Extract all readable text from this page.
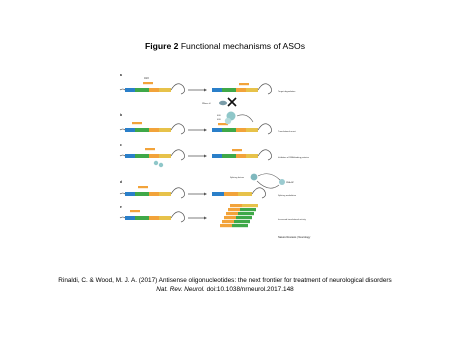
Figure 2 Functional mechanisms of ASOs
a
ASO
RNase H
Target degradation
b	60S
40S
Translational arrest
c
Inhibition of RNA-binding proteins
Splicing factors
RNA-BP
d
Splicing modulation
e
Increased translational activity
Nature Reviews | Neurology
Rinaldi, C. & Wood, M. J. A. (2017) Antisense oligonucleotides: the next frontier for treatment of neurological disorders
Nat. Rev. Neurol. doi:10.1038/nrneurol.2017.148
